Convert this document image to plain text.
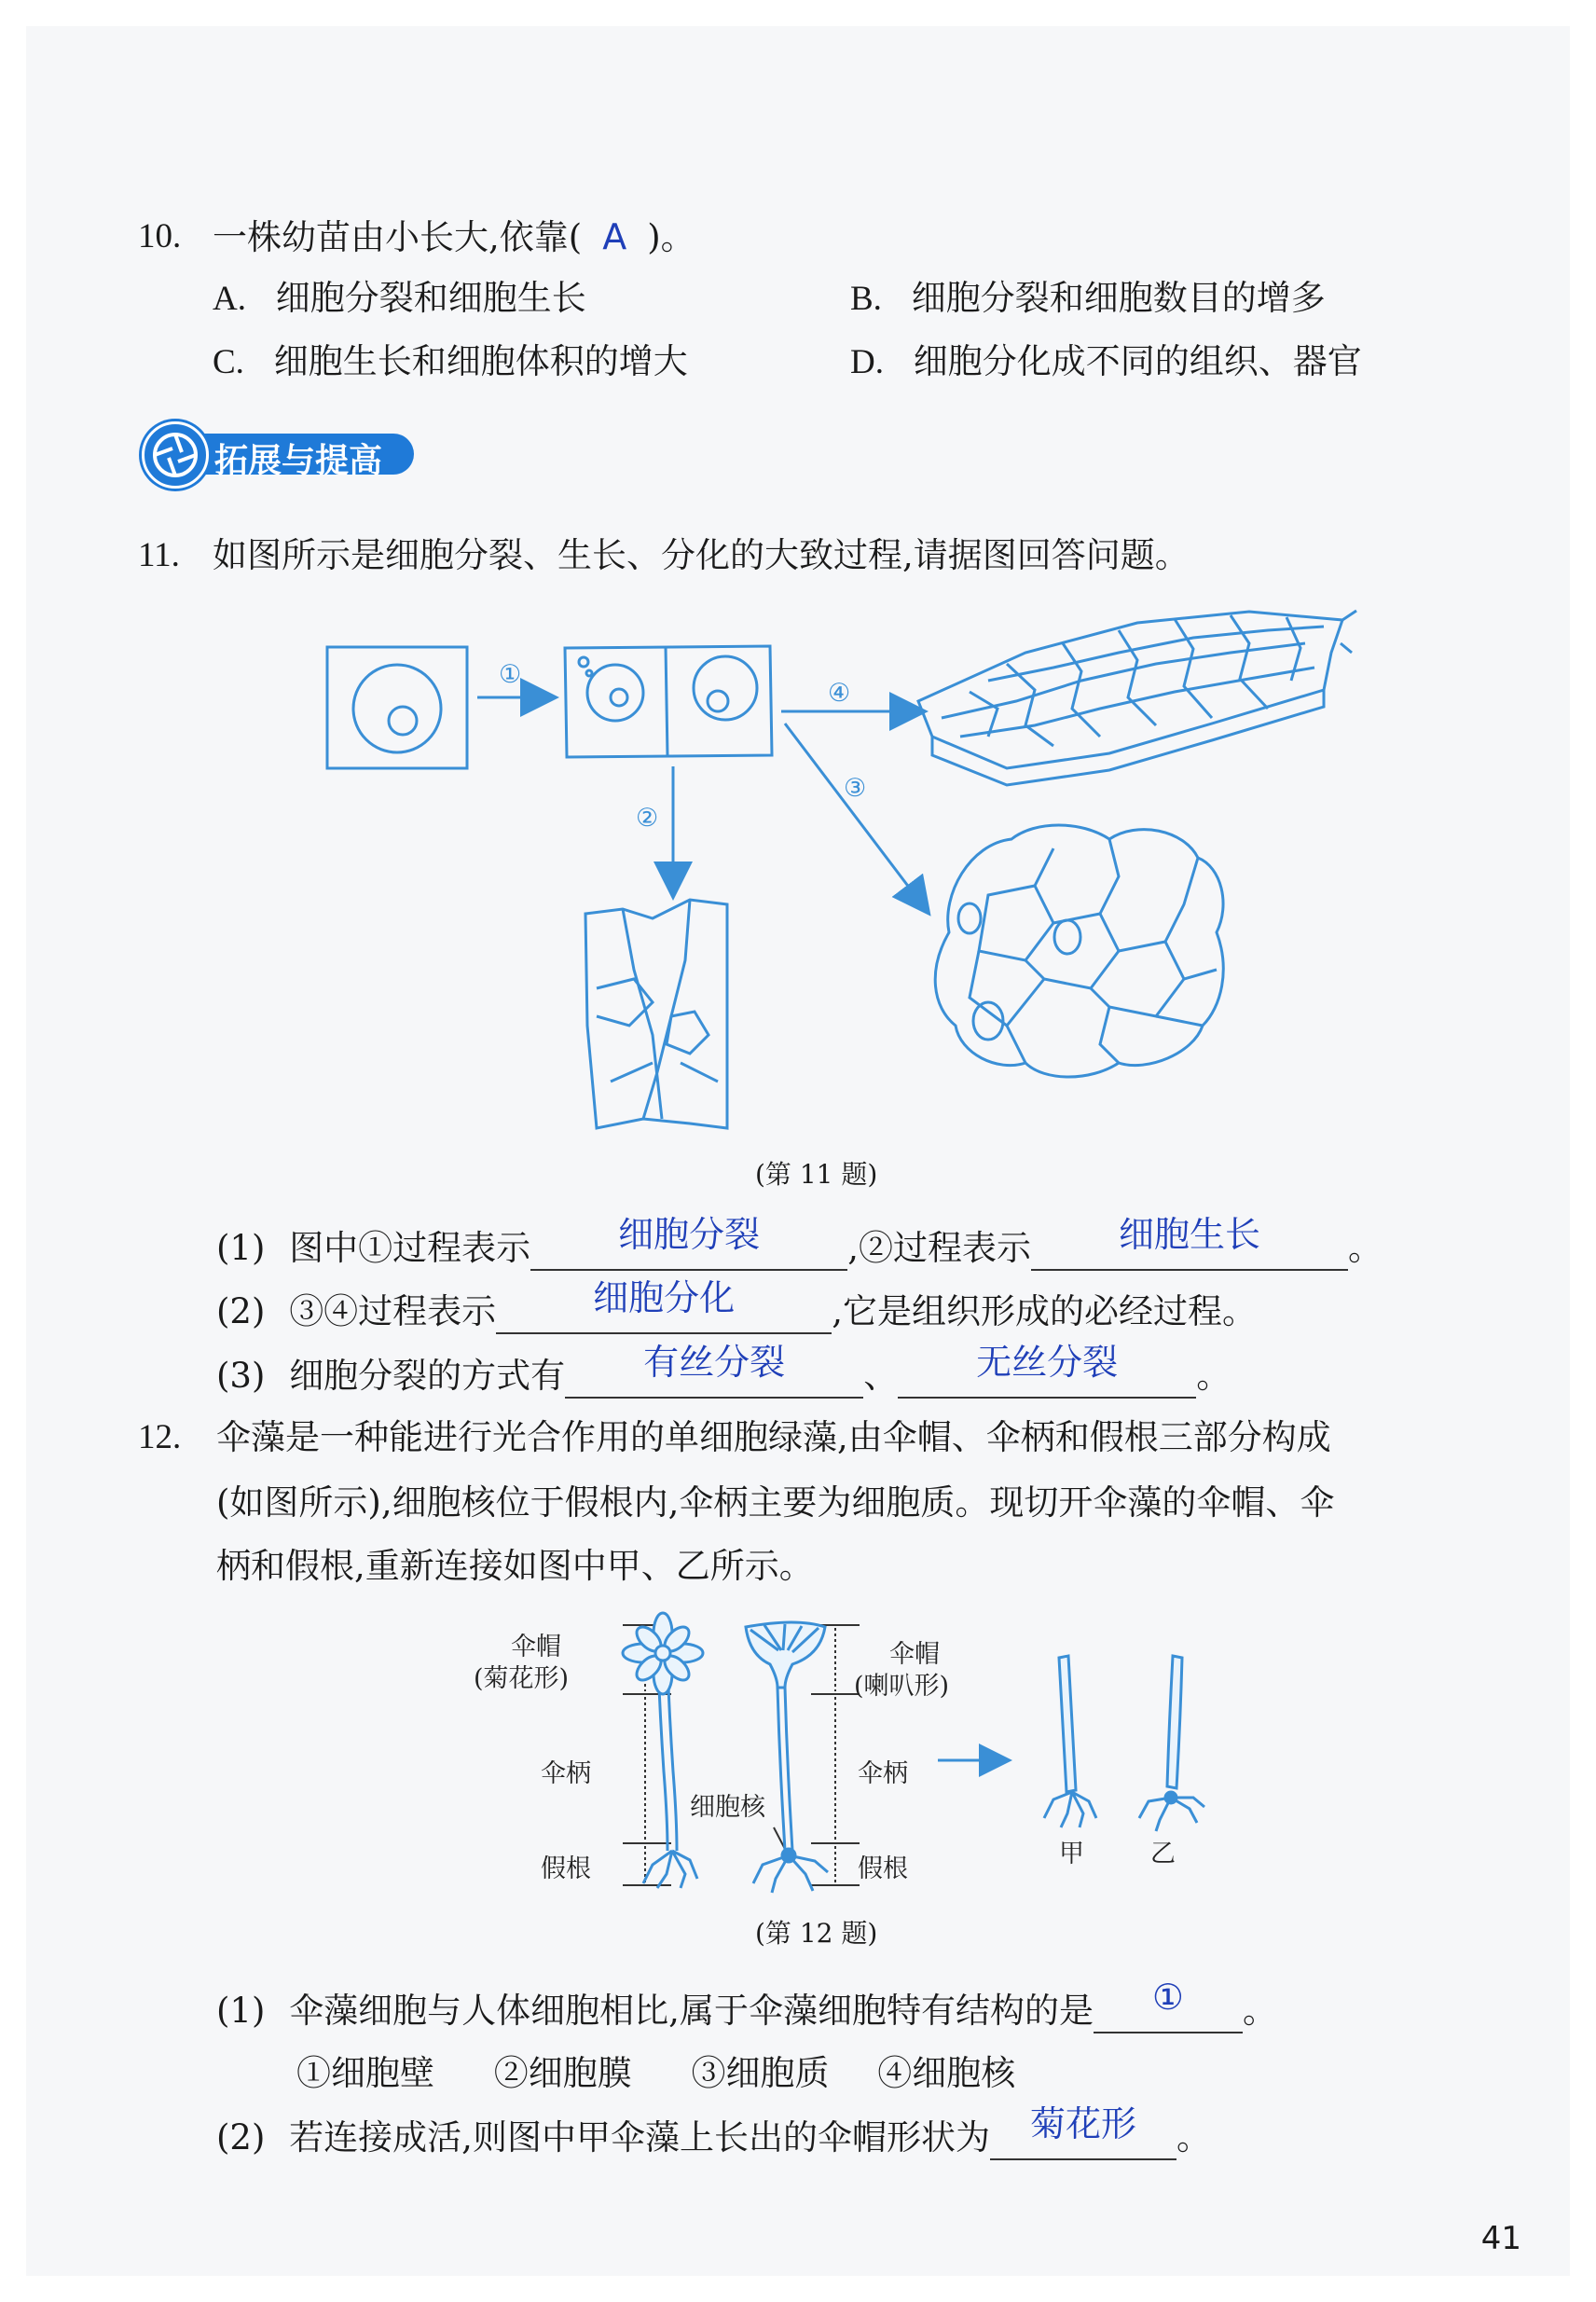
10. 一株幼苗由小长大,依靠( A )。
A. 细胞分裂和细胞生长	B. 细胞分裂和细胞数目的增多
C. 细胞生长和细胞体积的增大	D. 细胞分化成不同的组织、器官
拓展与提高
11. 如图所示是细胞分裂、生长、分化的大致过程,请据图回答问题。
①
④
③
②
(第 11 题)
(1) 图中①过程表示 细胞分裂	,②过程表示 细胞生长	。
(2) ③④过程表示	细胞分化	,它是组织形成的必经过程。
(3) 细胞分裂的方式有 有丝分裂 、 无丝分裂 。
12. 伞藻是一种能进行光合作用的单细胞绿藻,由伞帽、伞柄和假根三部分构成
(如图所示),细胞核位于假根内,伞柄主要为细胞质。现切开伞藻的伞帽、伞
柄和假根,重新连接如图中甲、乙所示。
伞帽
(菊花形)
伞柄
假根
细胞核
伞帽
(喇叭形)
伞柄
假根
甲	乙
(第 12 题)
(1) 伞藻细胞与人体细胞相比,属于伞藻细胞特有结构的是 ① 。
①细胞壁 ②细胞膜 ③细胞质 ④细胞核
(2) 若连接成活,则图中甲伞藻上长出的伞帽形状为 菊花形 。
41
